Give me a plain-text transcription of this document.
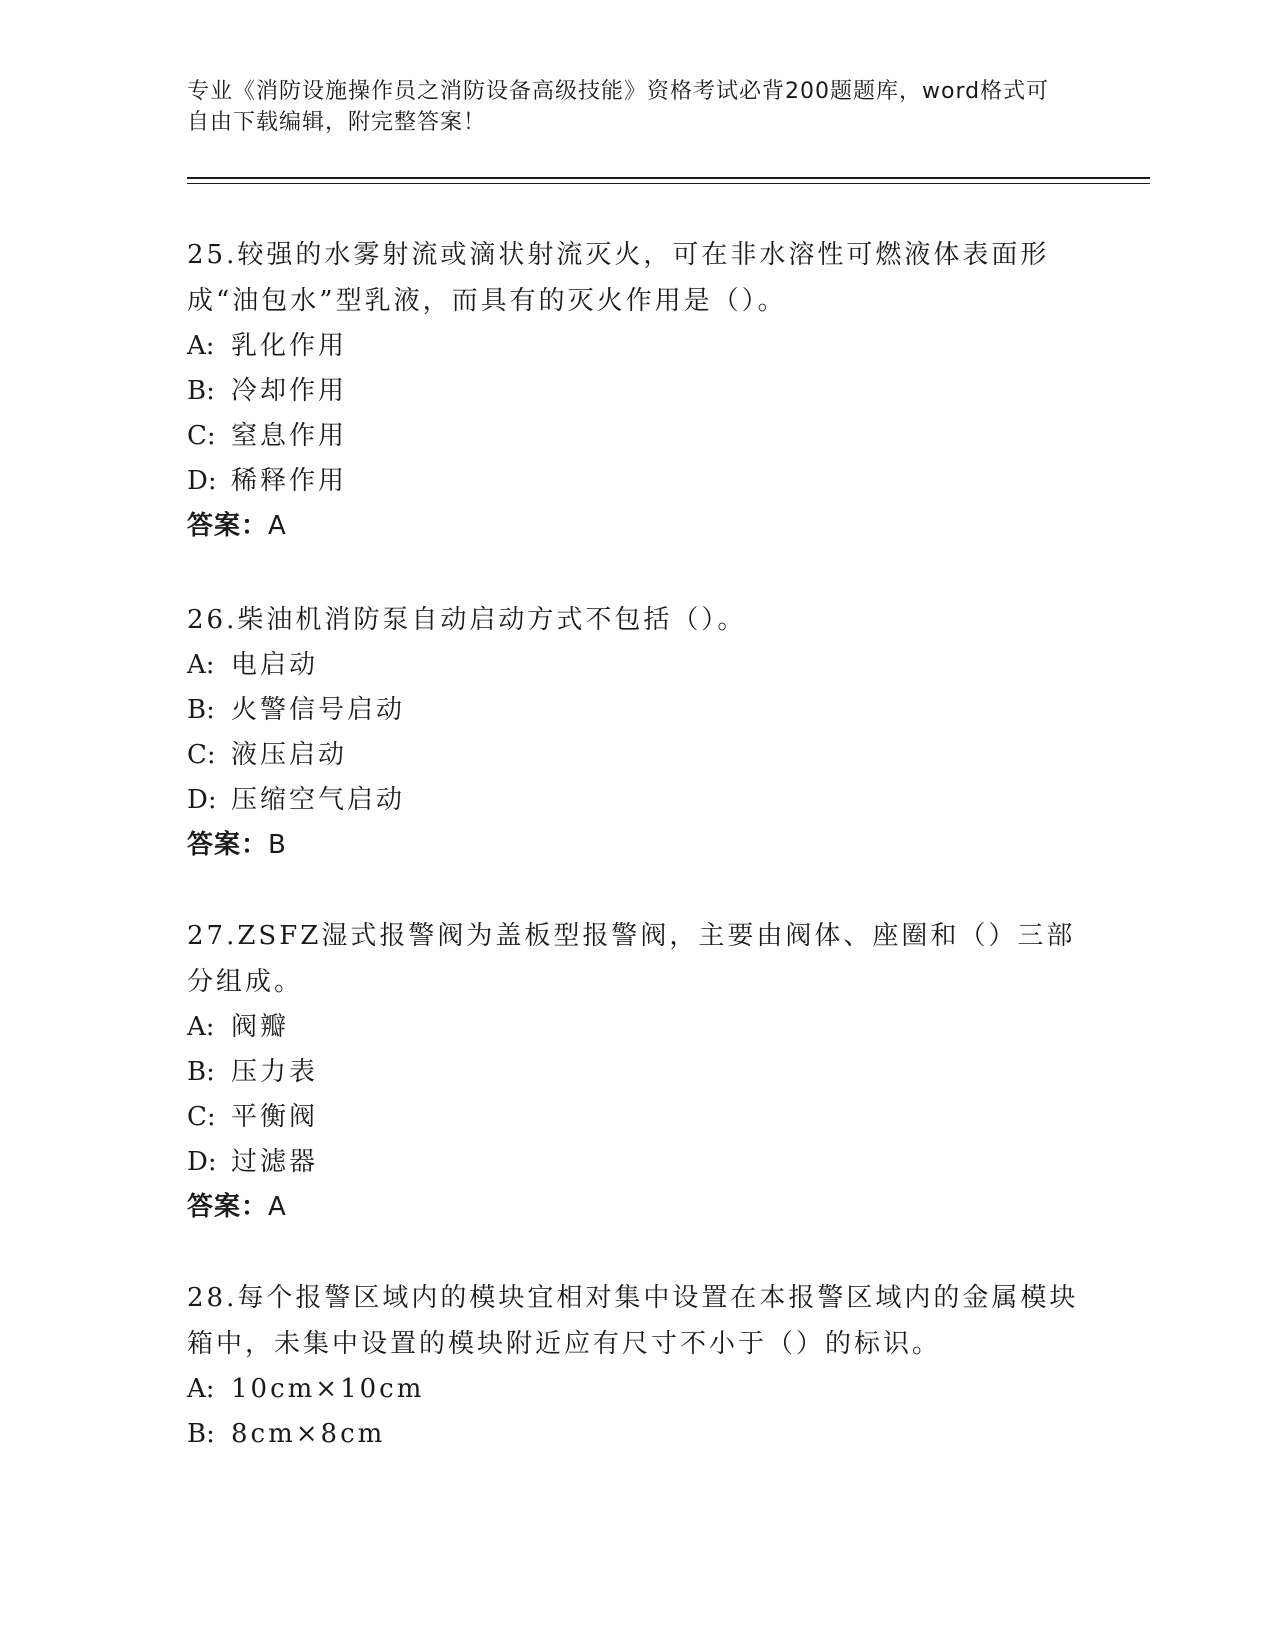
专业《消防设施操作员之消防设备高级技能》资格考试必背200题题库，word格式可自由下载编辑，附完整答案！

25.较强的水雾射流或滴状射流灭火，可在非水溶性可燃液体表面形成“油包水”型乳液，而具有的灭火作用是（）。

A: 乳化作用

B: 冷却作用

C: 窒息作用

D: 稀释作用

答案：A

26.柴油机消防泵自动启动方式不包括（）。

A: 电启动

B: 火警信号启动

C: 液压启动

D: 压缩空气启动

答案：B

27.ZSFZ湿式报警阀为盖板型报警阀，主要由阀体、座圈和（）三部分组成。

A: 阀瓣

B: 压力表

C: 平衡阀

D: 过滤器

答案：A

28.每个报警区域内的模块宜相对集中设置在本报警区域内的金属模块箱中，未集中设置的模块附近应有尺寸不小于（）的标识。

A: 10cm×10cm

B: 8cm×8cm
